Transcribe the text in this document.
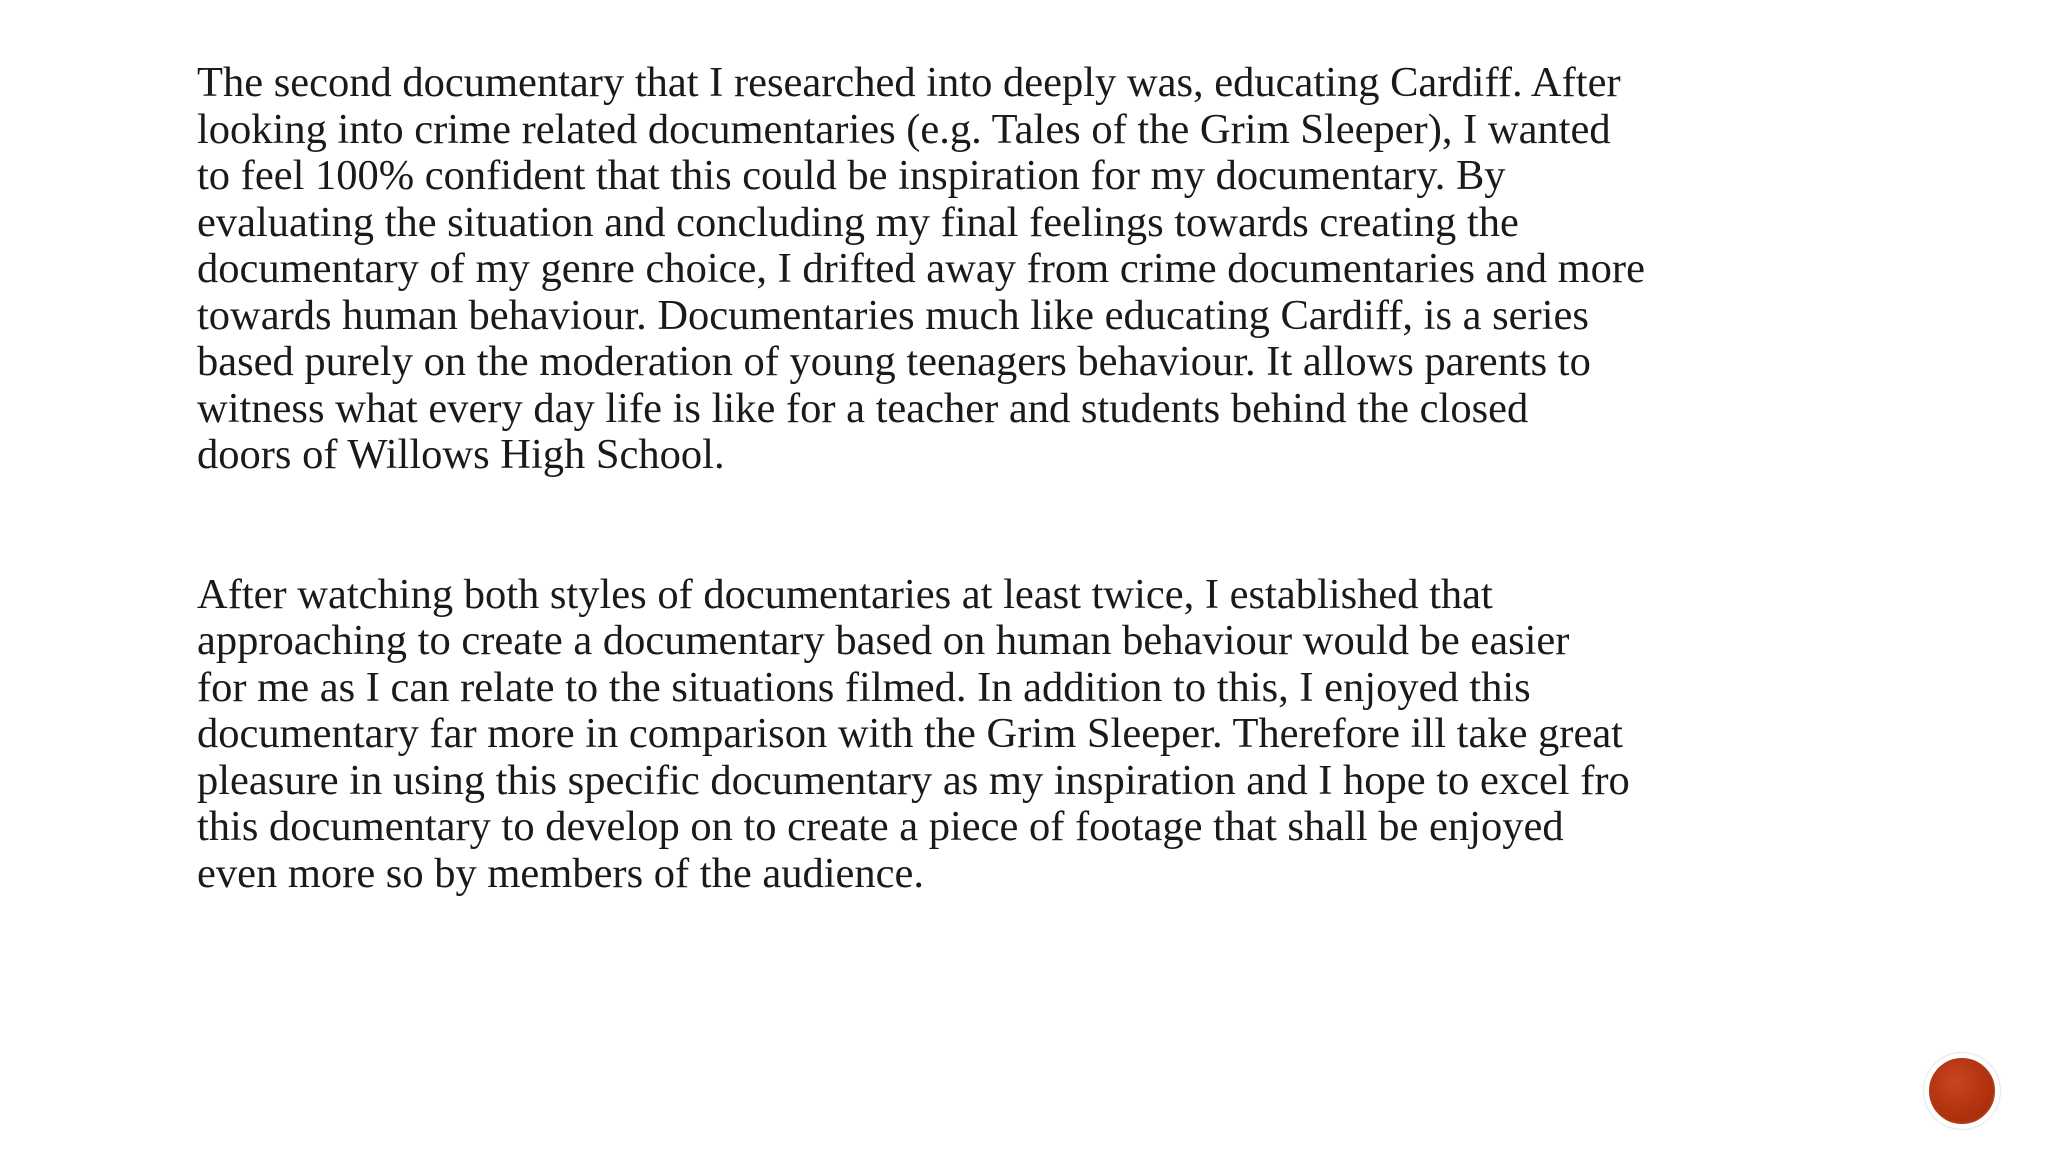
The second documentary that I researched into deeply was, educating Cardiff. After
looking into crime related documentaries (e.g. Tales of the Grim Sleeper), I wanted
to feel 100% confident that this could be inspiration for my documentary. By
evaluating the situation and concluding my final feelings towards creating the
documentary of my genre choice, I drifted away from crime documentaries and more
towards human behaviour. Documentaries much like educating Cardiff, is a series
based purely on the moderation of young teenagers behaviour. It allows parents to
witness what every day life is like for a teacher and students behind the closed
doors of Willows High School.

After watching both styles of documentaries at least twice, I established that
approaching to create a documentary based on human behaviour would be easier
for me as I can relate to the situations filmed. In addition to this, I enjoyed this
documentary far more in comparison with the Grim Sleeper. Therefore ill take great
pleasure in using this specific documentary as my inspiration and I hope to excel fro
this documentary to develop on to create a piece of footage that shall be enjoyed
even more so by members of the audience.
